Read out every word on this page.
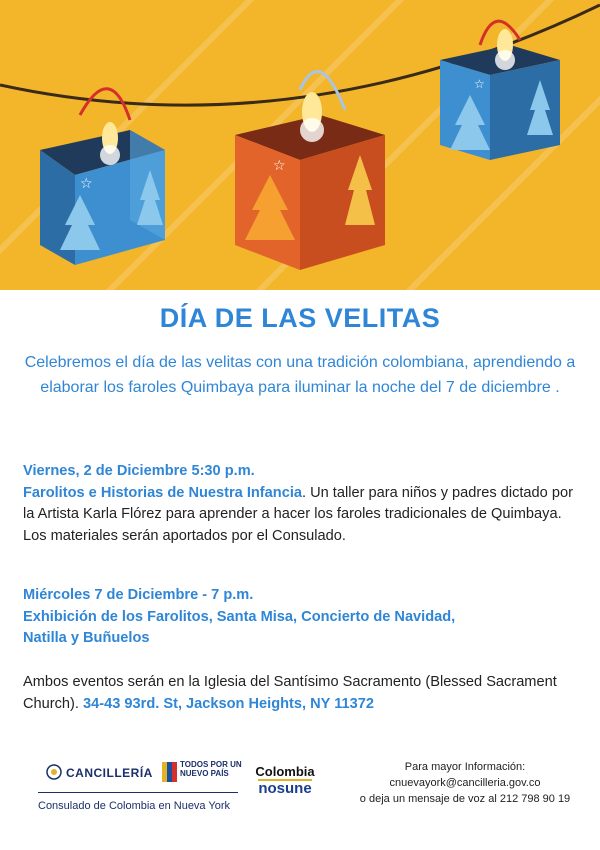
☆
☆
☆
DÍA DE LAS VELITAS
Celebremos el día de las velitas con una tradición colombiana, aprendiendo a elaborar los faroles Quimbaya para iluminar la noche del 7 de diciembre .
Viernes, 2 de Diciembre 5:30 p.m.
Farolitos e Historias de Nuestra Infancia. Un taller para niños y padres dictado por la Artista Karla Flórez para aprender a hacer los faroles tradicionales de Quimbaya. Los materiales serán aportados por el Consulado.
Miércoles 7 de Diciembre - 7 p.m.
Exhibición de los Farolitos, Santa Misa, Concierto de Navidad,
Natilla y Buñuelos
Ambos eventos serán en la Iglesia del Santísimo Sacramento (Blessed Sacrament Church). 34-43 93rd. St, Jackson Heights, NY 11372
CANCILLERÍA
Consulado de Colombia en Nueva York
TODOS POR UN
NUEVO PAÍS	Colombia
nosune
Para mayor Información:
cnuevayork@cancilleria.gov.co
o deja un mensaje de voz al 212 798 90 19
